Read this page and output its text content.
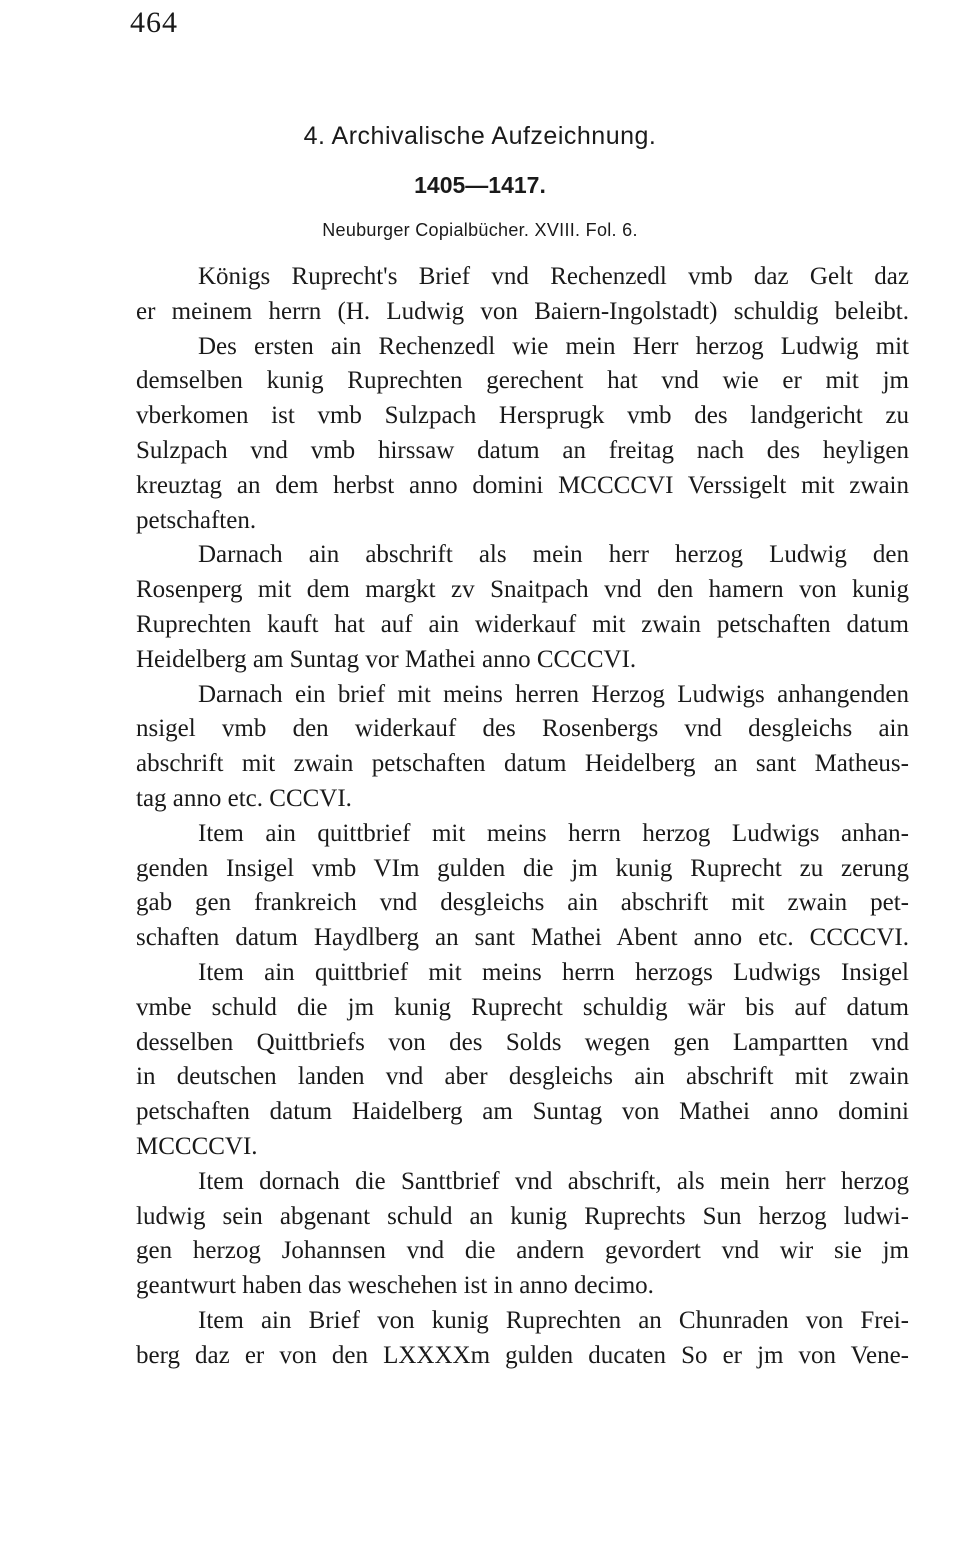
464
4. Archivalische Aufzeichnung.
1405—1417.
Neuburger Copialbücher. XVIII. Fol. 6.
Königs Ruprecht's Brief vnd Rechenzedl vmb daz Gelt daz
er meinem herrn (H. Ludwig von Baiern-Ingolstadt) schuldig beleibt.
Des ersten ain Rechenzedl wie mein Herr herzog Ludwig mit
demselben kunig Ruprechten gerechent hat vnd wie er mit jm
vberkomen ist vmb Sulzpach Hersprugk vmb des landgericht zu
Sulzpach vnd vmb hirssaw datum an freitag nach des heyligen
kreuztag an dem herbst anno domini MCCCCVI Verssigelt mit zwain
petschaften.
Darnach ain abschrift als mein herr herzog Ludwig den
Rosenperg mit dem margkt zv Snaitpach vnd den hamern von kunig
Ruprechten kauft hat auf ain widerkauf mit zwain petschaften datum
Heidelberg am Suntag vor Mathei anno CCCCVI.
Darnach ein brief mit meins herren Herzog Ludwigs anhangenden
nsigel vmb den widerkauf des Rosenbergs vnd desgleichs ain
abschrift mit zwain petschaften datum Heidelberg an sant Matheus-
tag anno etc. CCCVI.
Item ain quittbrief mit meins herrn herzog Ludwigs anhan-
genden Insigel vmb VIm gulden die jm kunig Ruprecht zu zerung
gab gen frankreich vnd desgleichs ain abschrift mit zwain pet-
schaften datum Haydlberg an sant Mathei Abent anno etc. CCCCVI.
Item ain quittbrief mit meins herrn herzogs Ludwigs Insigel
vmbe schuld die jm kunig Ruprecht schuldig wär bis auf datum
desselben Quittbriefs von des Solds wegen gen Lampartten vnd
in deutschen landen vnd aber desgleichs ain abschrift mit zwain
petschaften datum Haidelberg am Suntag von Mathei anno domini
MCCCCVI.
Item dornach die Santtbrief vnd abschrift, als mein herr herzog
ludwig sein abgenant schuld an kunig Ruprechts Sun herzog ludwi-
gen herzog Johannsen vnd die andern gevordert vnd wir sie jm
geantwurt haben das weschehen ist in anno decimo.
Item ain Brief von kunig Ruprechten an Chunraden von Frei-
berg daz er von den LXXXXm gulden ducaten So er jm von Vene-
